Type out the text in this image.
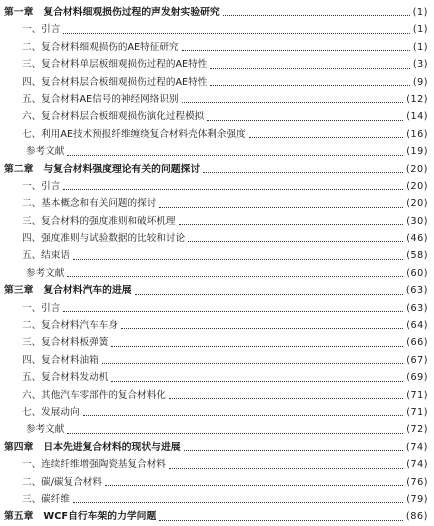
第一章 复合材料细观损伤过程的声发射实验研究	(1)
一、引言	(1)
二、复合材料细观损伤的AE特征研究	(1)
三、复合材料单层板细观损伤过程的AE特性	(3)
四、复合材料层合板细观损伤过程的AE特性	(9)
五、复合材料AE信号的神经网络识别	(12)
六、复合材料层合板细观损伤演化过程模拟	(14)
七、利用AE技术预报纤维缠绕复合材料壳体剩余强度	(16)
参考文献	(19)
第二章 与复合材料强度理论有关的问题探讨	(20)
一、引言	(20)
二、基本概念和有关问题的探讨	(20)
三、复合材料的强度准则和破坏机理	(30)
四、强度准则与试验数据的比较和讨论	(46)
五、结束语	(58)
参考文献	(60)
第三章 复合材料汽车的进展	(63)
一、引言	(63)
二、复合材料汽车车身	(64)
三、复合材料板弹簧	(66)
四、复合材料油箱	(67)
五、复合材料发动机	(69)
六、其他汽车零部件的复合材料化	(71)
七、发展动向	(71)
参考文献	(72)
第四章 日本先进复合材料的现状与进展	(74)
一、连续纤维增强陶瓷基复合材料	(74)
二、碳/碳复合材料	(76)
三、碳纤维	(79)
第五章 WCF自行车架的力学问题	(86)
